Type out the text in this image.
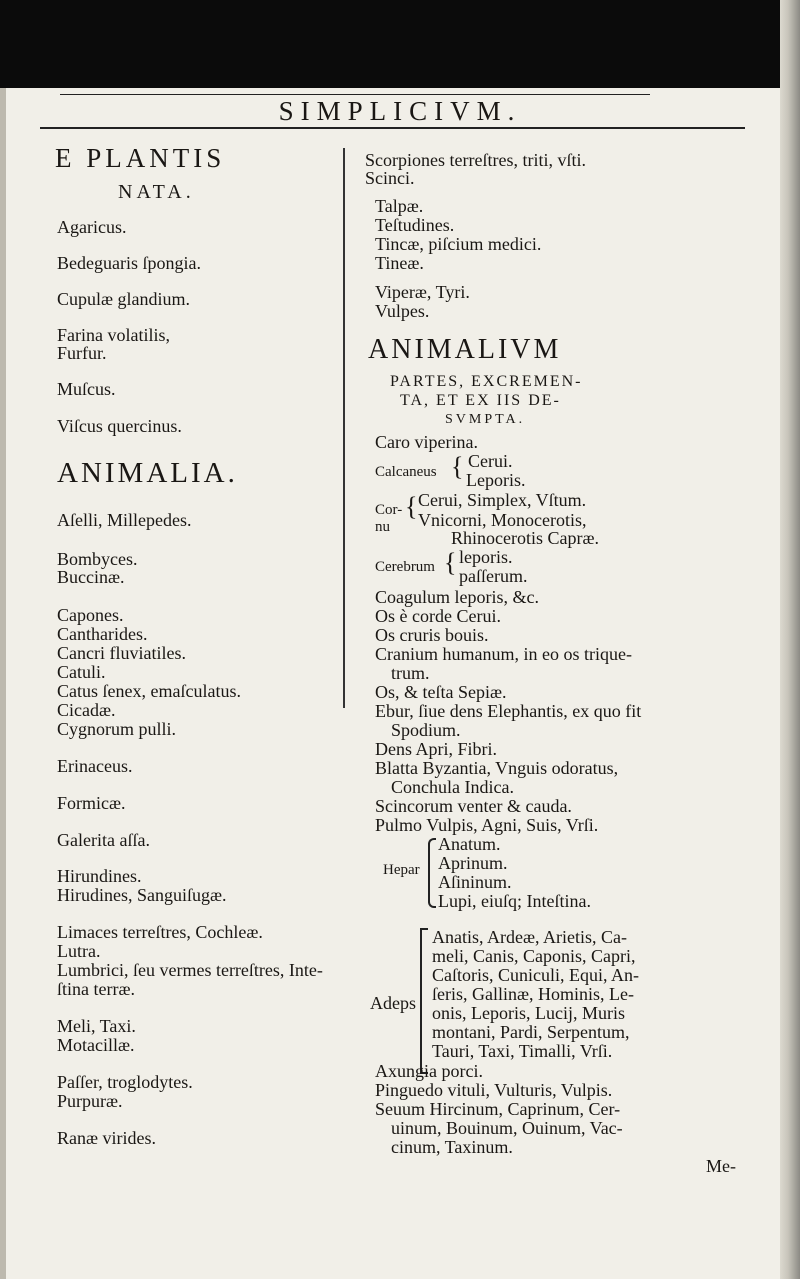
SIMPLICIVM.
E PLANTIS
NATA.
Agaricus.
Bedeguaris ſpongia.
Cupulæ glandium.
Farina volatilis,
Furfur.
Muſcus.
Viſcus quercinus.
ANIMALIA.
Aſelli, Millepedes.
Bombyces.
Buccinæ.
Capones.
Cantharides.
Cancri fluviatiles.
Catuli.
Catus ſenex, emaſculatus.
Cicadæ.
Cygnorum pulli.
Erinaceus.
Formicæ.
Galerita aſſa.
Hirundines.
Hirudines, Sanguiſugæ.
Limaces terreſtres, Cochleæ.
Lutra.
Lumbrici, ſeu vermes terreſtres, Inte-
ſtina terræ.
Meli, Taxi.
Motacillæ.
Paſſer, troglodytes.
Purpuræ.
Ranæ virides.
Scorpiones terreſtres, triti, vſti.
Scinci.
Talpæ.
Teſtudines.
Tincæ, piſcium medici.
Tineæ.
Viperæ, Tyri.
Vulpes.
ANIMALIVM
PARTES, EXCREMEN-
TA, ET EX IIS DE-
SVMPTA.
Caro viperina.
Calcaneus { Cerui.
Leporis.
Cor-
nu
{ Cerui, Simplex, Vſtum.
Vnicorni, Monocerotis,
Rhinocerotis Capræ.
Cerebrum { leporis.
paſſerum.
Coagulum leporis, &c.
Os è corde Cerui.
Os cruris bouis.
Cranium humanum, in eo os trique-
trum.
Os, & teſta Sepiæ.
Ebur, ſiue dens Elephantis, ex quo fit
Spodium.
Dens Apri, Fibri.
Blatta Byzantia, Vnguis odoratus,
Conchula Indica.
Scincorum venter & cauda.
Pulmo Vulpis, Agni, Suis, Vrſi.
Hepar
Anatum.
Aprinum.
Aſininum.
Lupi, eiuſq; Inteſtina.
Adeps
Anatis, Ardeæ, Arietis, Ca-
meli, Canis, Caponis, Capri,
Caſtoris, Cuniculi, Equi, An-
ſeris, Gallinæ, Hominis, Le-
onis, Leporis, Lucij, Muris
montani, Pardi, Serpentum,
Tauri, Taxi, Timalli, Vrſi.
Axungia porci.
Pinguedo vituli, Vulturis, Vulpis.
Seuum Hircinum, Caprinum, Cer-
uinum, Bouinum, Ouinum, Vac-
cinum, Taxinum.
Me-
